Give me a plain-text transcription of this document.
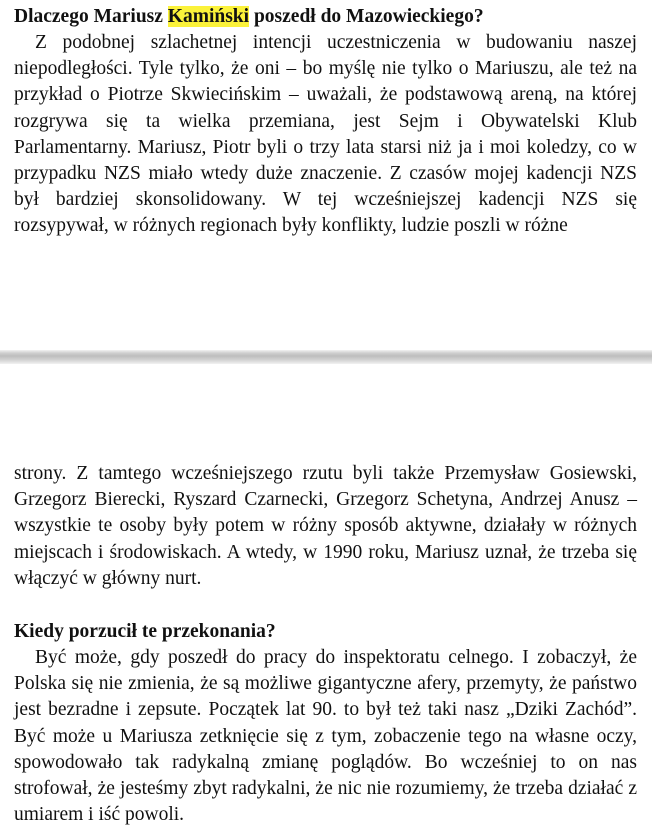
Dlaczego Mariusz Kamiński poszedł do Mazowieckiego?

Z podobnej szlachetnej intencji uczestniczenia w budowaniu naszej niepodległości. Tyle tylko, że oni – bo myślę nie tylko o Mariuszu, ale też na przykład o Piotrze Skwiecińskim – uważali, że podstawową areną, na której rozgrywa się ta wielka przemiana, jest Sejm i Obywatelski Klub Parlamentarny. Mariusz, Piotr byli o trzy lata starsi niż ja i moi koledzy, co w przypadku NZS miało wtedy duże znaczenie. Z czasów mojej kadencji NZS był bardziej skonsolidowany. W tej wcześniejszej kadencji NZS się rozsypywał, w różnych regionach były konflikty, ludzie poszli w różne

strony. Z tamtego wcześniejszego rzutu byli także Przemysław Gosiewski, Grzegorz Bierecki, Ryszard Czarnecki, Grzegorz Schetyna, Andrzej Anusz – wszystkie te osoby były potem w różny sposób aktywne, działały w różnych miejscach i środowiskach. A wtedy, w 1990 roku, Mariusz uznał, że trzeba się włączyć w główny nurt.

Kiedy porzucił te przekonania?

Być może, gdy poszedł do pracy do inspektoratu celnego. I zobaczył, że Polska się nie zmienia, że są możliwe gigantyczne afery, przemyty, że państwo jest bezradne i zepsute. Początek lat 90. to był też taki nasz „Dziki Zachód”. Być może u Mariusza zetknięcie się z tym, zobaczenie tego na własne oczy, spowodowało tak radykalną zmianę poglądów. Bo wcześniej to on nas strofował, że jesteśmy zbyt radykalni, że nic nie rozumiemy, że trzeba działać z umiarem i iść powoli.
